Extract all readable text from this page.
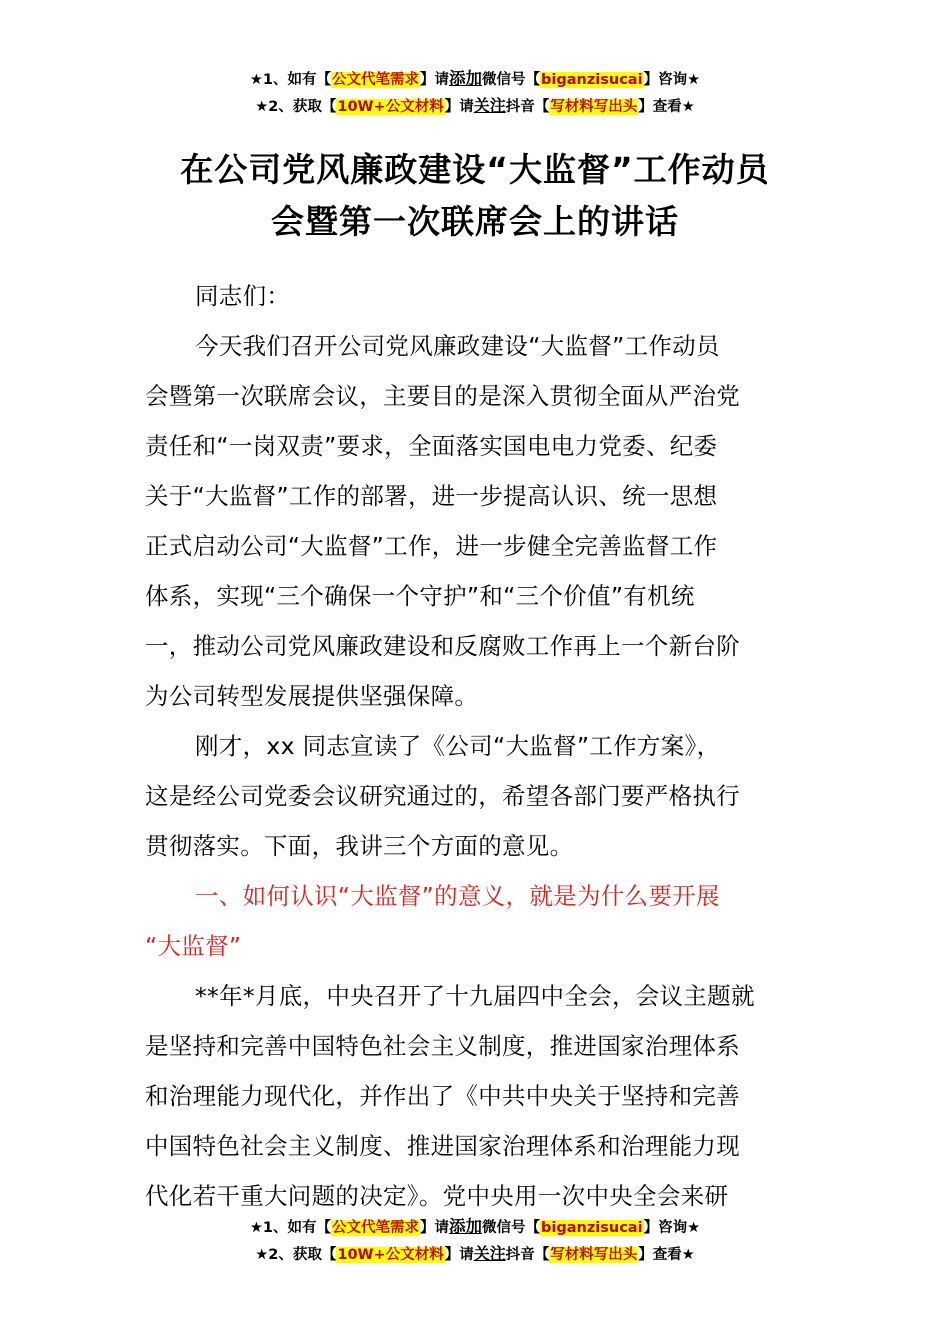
★1、如有【公文代笔需求】请添加微信号【biganzisucai】咨询★
★2、获取【10W+公文材料】请关注抖音【写材料写出头】查看★
在公司党风廉政建设“大监督”工作动员
会暨第一次联席会上的讲话
同志们：
今天我们召开公司党风廉政建设“大监督”工作动员
会暨第一次联席会议，主要目的是深入贯彻全面从严治党
责任和“一岗双责”要求，全面落实国电电力党委、纪委
关于“大监督”工作的部署，进一步提高认识、统一思想
正式启动公司“大监督”工作，进一步健全完善监督工作
体系，实现“三个确保一个守护”和“三个价值”有机统
一，推动公司党风廉政建设和反腐败工作再上一个新台阶
为公司转型发展提供坚强保障。
刚才，xx 同志宣读了《公司“大监督”工作方案》，
这是经公司党委会议研究通过的，希望各部门要严格执行
贯彻落实。下面，我讲三个方面的意见。
一、如何认识“大监督”的意义，就是为什么要开展
“大监督”
**年*月底，中央召开了十九届四中全会，会议主题就
是坚持和完善中国特色社会主义制度，推进国家治理体系
和治理能力现代化，并作出了《中共中央关于坚持和完善
中国特色社会主义制度、推进国家治理体系和治理能力现
代化若干重大问题的决定》。党中央用一次中央全会来研
★1、如有【公文代笔需求】请添加微信号【biganzisucai】咨询★
★2、获取【10W+公文材料】请关注抖音【写材料写出头】查看★
